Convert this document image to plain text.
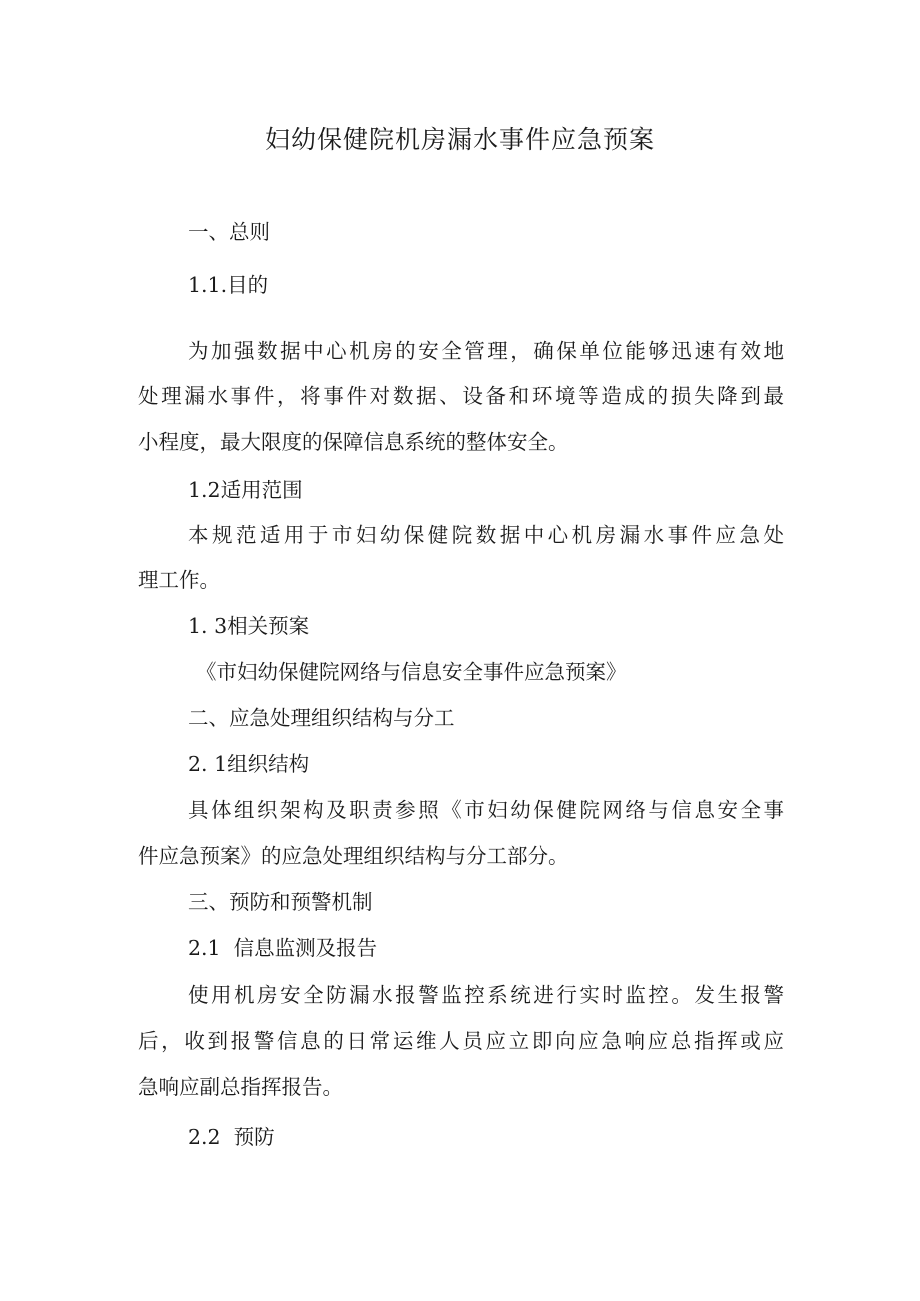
妇幼保健院机房漏水事件应急预案
一、总则
1.1.目的
为加强数据中心机房的安全管理，确保单位能够迅速有效地
处理漏水事件，将事件对数据、设备和环境等造成的损失降到最
小程度，最大限度的保障信息系统的整体安全。
1.2适用范围
本规范适用于市妇幼保健院数据中心机房漏水事件应急处
理工作。
1. 3相关预案
《市妇幼保健院网络与信息安全事件应急预案》
二、应急处理组织结构与分工
2. 1组织结构
具体组织架构及职责参照《市妇幼保健院网络与信息安全事
件应急预案》的应急处理组织结构与分工部分。
三、预防和预警机制
2.1  信息监测及报告
使用机房安全防漏水报警监控系统进行实时监控。发生报警
后，收到报警信息的日常运维人员应立即向应急响应总指挥或应
急响应副总指挥报告。
2.2  预防
